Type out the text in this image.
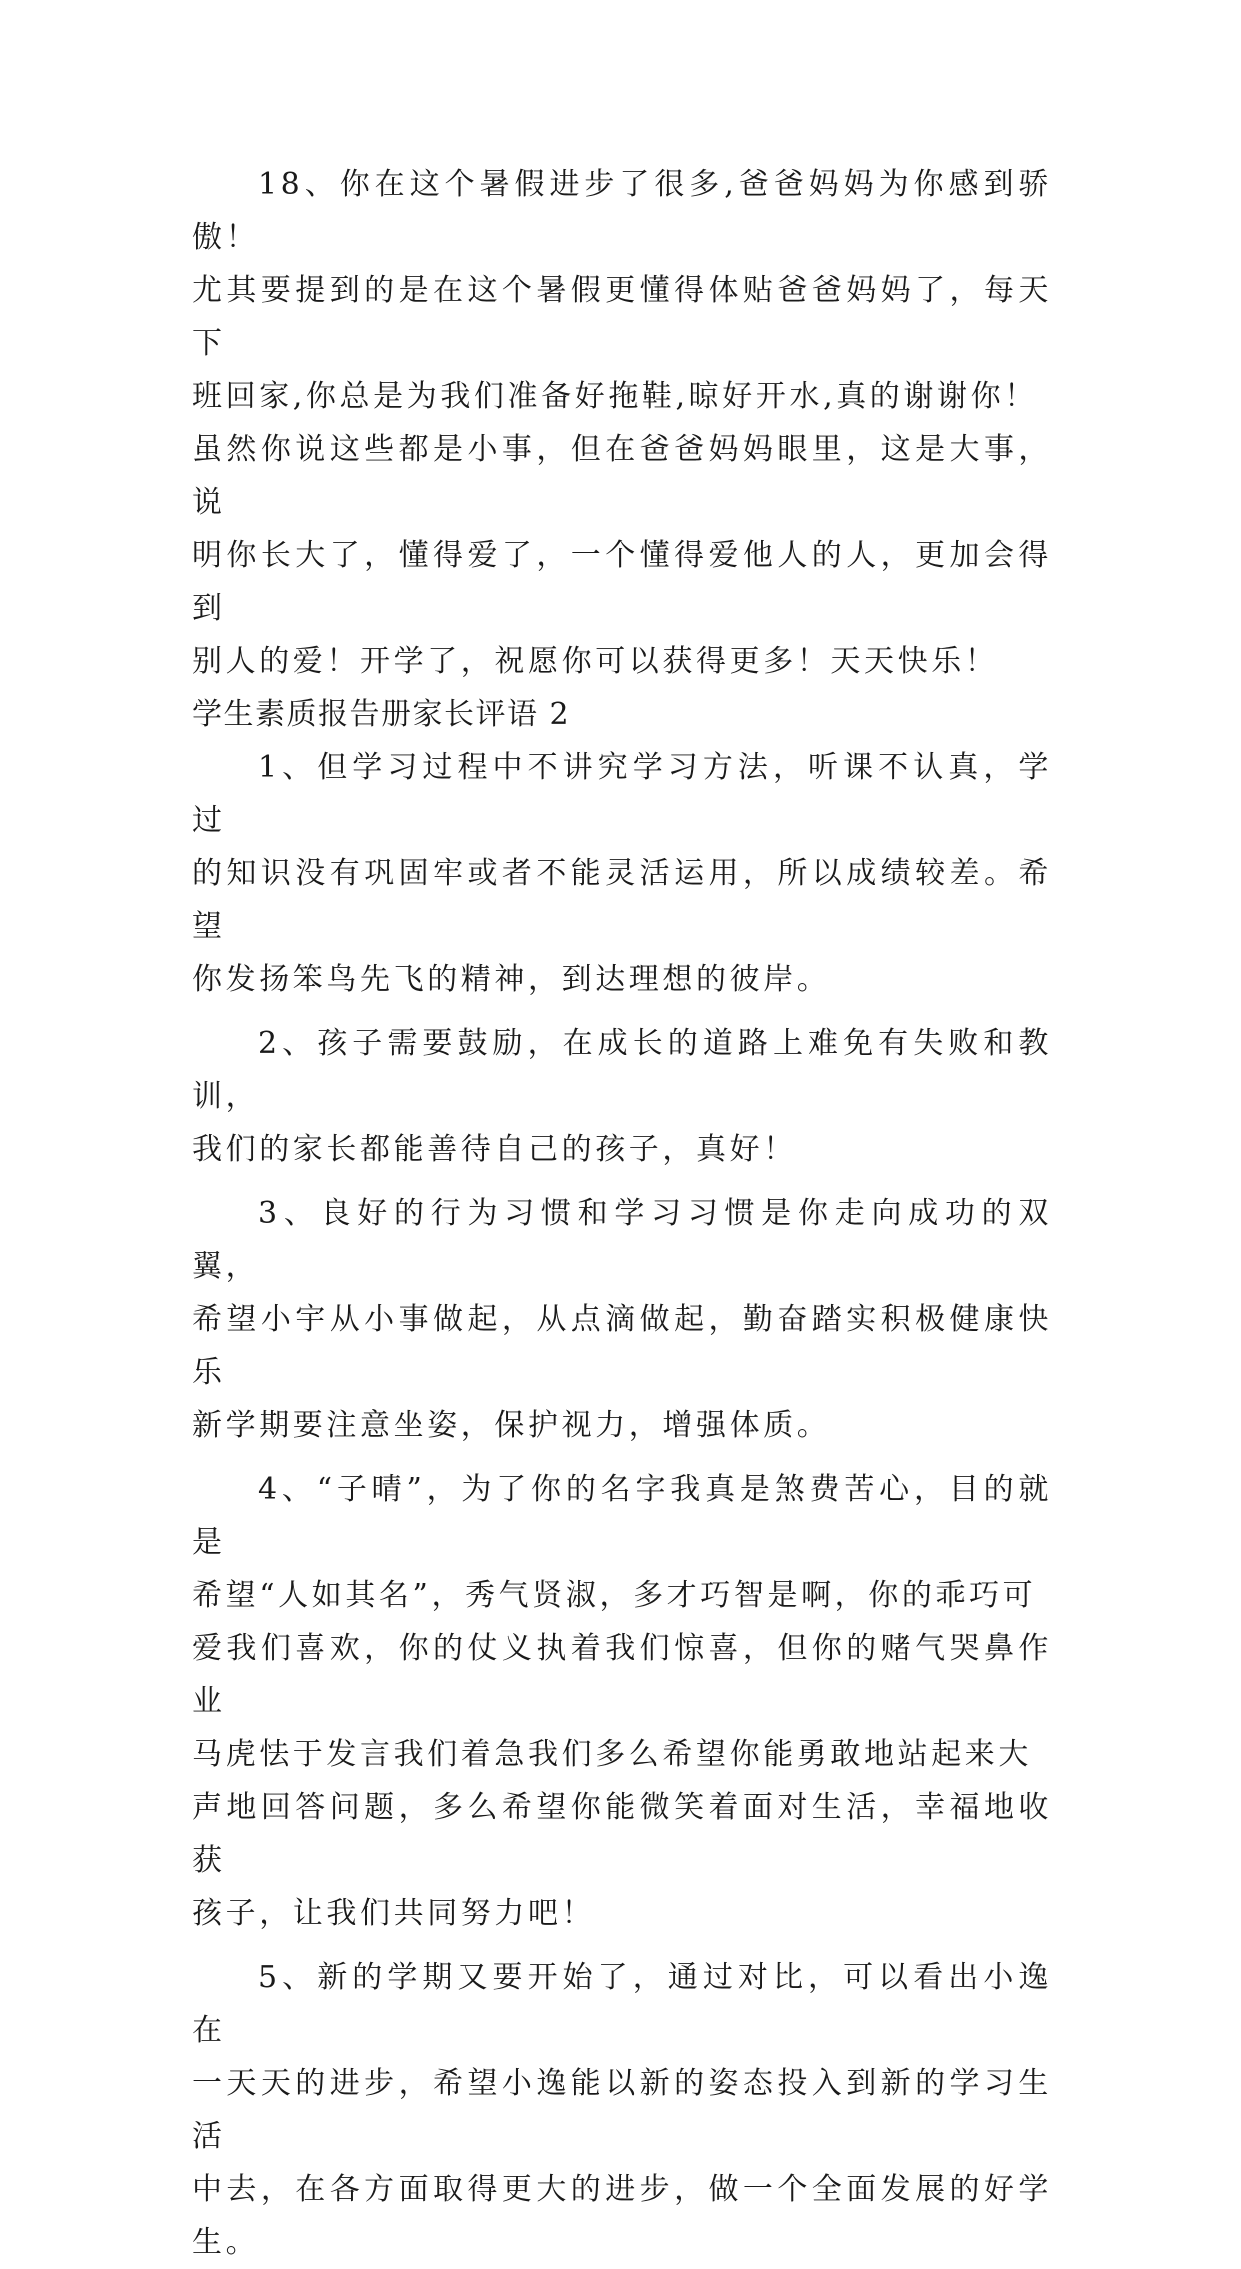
18、你在这个暑假进步了很多,爸爸妈妈为你感到骄傲！
尤其要提到的是在这个暑假更懂得体贴爸爸妈妈了，每天下
班回家,你总是为我们准备好拖鞋,晾好开水,真的谢谢你！
虽然你说这些都是小事，但在爸爸妈妈眼里，这是大事，说
明你长大了，懂得爱了，一个懂得爱他人的人，更加会得到
别人的爱！开学了，祝愿你可以获得更多！天天快乐！

学生素质报告册家长评语 2

1、但学习过程中不讲究学习方法，听课不认真，学过
的知识没有巩固牢或者不能灵活运用，所以成绩较差。希望
你发扬笨鸟先飞的精神，到达理想的彼岸。

2、孩子需要鼓励，在成长的道路上难免有失败和教训，
我们的家长都能善待自己的孩子，真好！

3、良好的行为习惯和学习习惯是你走向成功的双翼，
希望小宇从小事做起，从点滴做起，勤奋踏实积极健康快乐
新学期要注意坐姿，保护视力，增强体质。

4、“子晴”，为了你的名字我真是煞费苦心，目的就是
希望“人如其名”，秀气贤淑，多才巧智是啊，你的乖巧可
爱我们喜欢，你的仗义执着我们惊喜，但你的赌气哭鼻作业
马虎怯于发言我们着急我们多么希望你能勇敢地站起来大
声地回答问题，多么希望你能微笑着面对生活，幸福地收获
孩子，让我们共同努力吧！

5、新的学期又要开始了，通过对比，可以看出小逸在
一天天的进步，希望小逸能以新的姿态投入到新的学习生活
中去，在各方面取得更大的进步，做一个全面发展的好学生。
